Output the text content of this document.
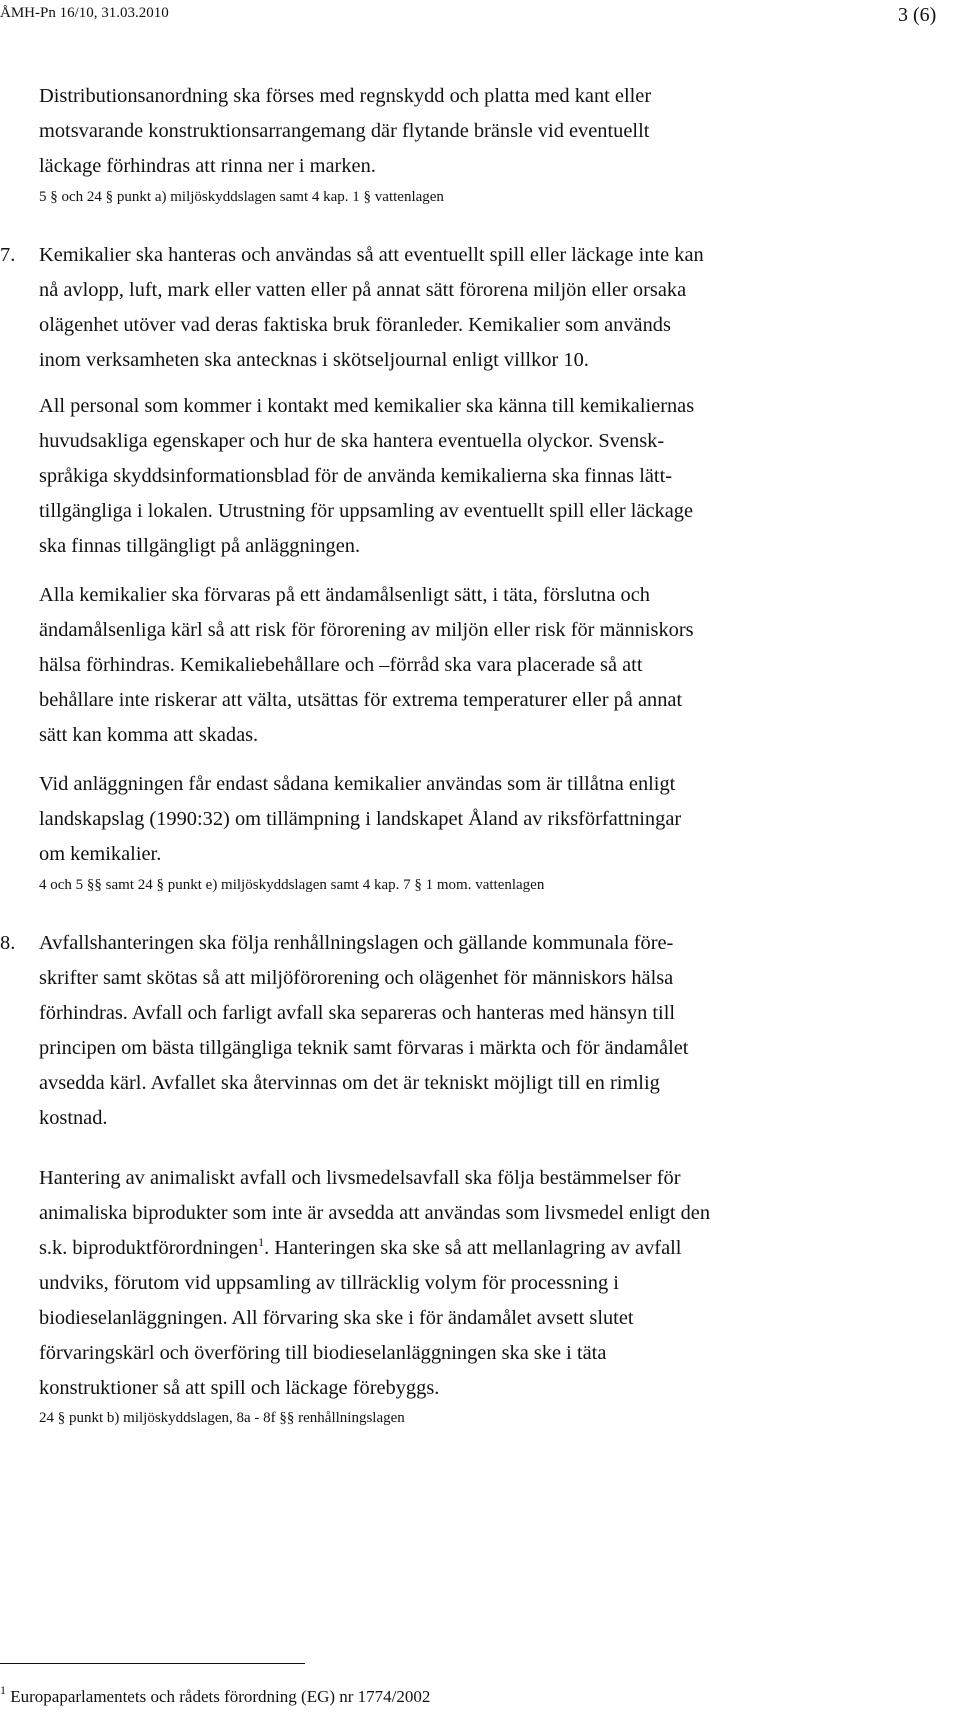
ÅMH-Pn 16/10, 31.03.2010	3 (6)
Distributionsanordning ska förses med regnskydd och platta med kant eller
motsvarande konstruktionsarrangemang där flytande bränsle vid eventuellt
läckage förhindras att rinna ner i marken.
5 § och 24 § punkt a) miljöskyddslagen samt 4 kap. 1 § vattenlagen
7. Kemikalier ska hanteras och användas så att eventuellt spill eller läckage inte kan
nå avlopp, luft, mark eller vatten eller på annat sätt förorena miljön eller orsaka
olägenhet utöver vad deras faktiska bruk föranleder. Kemikalier som används
inom verksamheten ska antecknas i skötseljournal enligt villkor 10.
All personal som kommer i kontakt med kemikalier ska känna till kemikaliernas
huvudsakliga egenskaper och hur de ska hantera eventuella olyckor. Svensk-
språkiga skyddsinformationsblad för de använda kemikalierna ska finnas lätt-
tillgängliga i lokalen. Utrustning för uppsamling av eventuellt spill eller läckage
ska finnas tillgängligt på anläggningen.
Alla kemikalier ska förvaras på ett ändamålsenligt sätt, i täta, förslutna och
ändamålsenliga kärl så att risk för förorening av miljön eller risk för människors
hälsa förhindras. Kemikaliebehållare och –förråd ska vara placerade så att
behållare inte riskerar att välta, utsättas för extrema temperaturer eller på annat
sätt kan komma att skadas.
Vid anläggningen får endast sådana kemikalier användas som är tillåtna enligt
landskapslag (1990:32) om tillämpning i landskapet Åland av riksförfattningar
om kemikalier.
4 och 5 §§ samt 24 § punkt e) miljöskyddslagen samt 4 kap. 7 § 1 mom. vattenlagen
8. Avfallshanteringen ska följa renhållningslagen och gällande kommunala före-
skrifter samt skötas så att miljöförorening och olägenhet för människors hälsa
förhindras. Avfall och farligt avfall ska separeras och hanteras med hänsyn till
principen om bästa tillgängliga teknik samt förvaras i märkta och för ändamålet
avsedda kärl. Avfallet ska återvinnas om det är tekniskt möjligt till en rimlig
kostnad.
Hantering av animaliskt avfall och livsmedelsavfall ska följa bestämmelser för
animaliska biprodukter som inte är avsedda att användas som livsmedel enligt den
s.k. biproduktförordningen$^1$. Hanteringen ska ske så att mellanlagring av avfall
undviks, förutom vid uppsamling av tillräcklig volym för processning i
biodieselanläggningen. All förvaring ska ske i för ändamålet avsett slutet
förvaringskärl och överföring till biodieselanläggningen ska ske i täta
konstruktioner så att spill och läckage förebyggs.
24 § punkt b) miljöskyddslagen, 8a - 8f §§ renhållningslagen
$^1$ Europaparlamentets och rådets förordning (EG) nr 1774/2002
